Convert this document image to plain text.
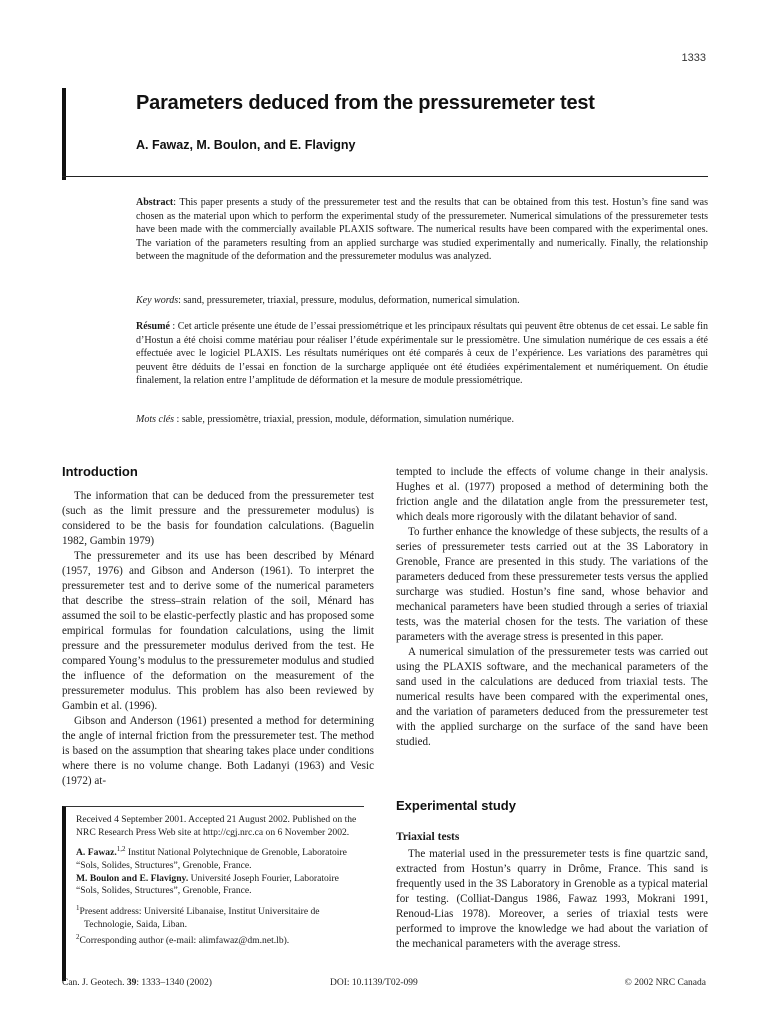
1333
Parameters deduced from the pressuremeter test
A. Fawaz, M. Boulon, and E. Flavigny

Abstract: This paper presents a study of the pressuremeter test and the results that can be obtained from this test. Hostun’s fine sand was chosen as the material upon which to perform the experimental study of the pressuremeter. Numerical simulations of the pressuremeter tests have been made with the commercially available PLAXIS software. The numerical results have been compared with the experimental ones. The variation of the parameters resulting from an applied surcharge was studied experimentally and numerically. Finally, the relationship between the magnitude of the deformation and the pressuremeter modulus was analyzed.

Key words: sand, pressuremeter, triaxial, pressure, modulus, deformation, numerical simulation.

Résumé : Cet article présente une étude de l’essai pressiométrique et les principaux résultats qui peuvent être obtenus de cet essai. Le sable fin d’Hostun a été choisi comme matériau pour réaliser l’étude expérimentale sur le pressiomètre. Une simulation numérique de ces essais a été effectuée avec le logiciel PLAXIS. Les résultats numériques ont été comparés à ceux de l’expérience. Les variations des paramètres qui peuvent être déduits de l’essai en fonction de la surcharge appliquée ont été étudiées expérimentalement et numériquement. On étudie finalement, la relation entre l’amplitude de déformation et la mesure de module pressiométrique.

Mots clés : sable, pressiomètre, triaxial, pression, module, déformation, simulation numérique.

Introduction

The information that can be deduced from the pressuremeter test (such as the limit pressure and the pressuremeter modulus) is considered to be the basis for foundation calculations. (Baguelin 1982, Gambin 1979)

The pressuremeter and its use has been described by Ménard (1957, 1976) and Gibson and Anderson (1961). To interpret the pressuremeter test and to derive some of the numerical parameters that describe the stress–strain relation of the soil, Ménard has assumed the soil to be elastic-perfectly plastic and has proposed some empirical formulas for foundation calculations, using the limit pressure and the pressuremeter modulus derived from the test. He compared Young’s modulus to the pressuremeter modulus and studied the influence of the deformation on the measurement of the pressuremeter modulus. This problem has also been reviewed by Gambin et al. (1996).

Gibson and Anderson (1961) presented a method for determining the angle of internal friction from the pressuremeter test. The method is based on the assumption that shearing takes place under conditions where there is no volume change. Both Ladanyi (1963) and Vesic (1972) at-

tempted to include the effects of volume change in their analysis. Hughes et al. (1977) proposed a method of determining both the friction angle and the dilatation angle from the pressuremeter test, which deals more rigorously with the dilatant behavior of sand.

To further enhance the knowledge of these subjects, the results of a series of pressuremeter tests carried out at the 3S Laboratory in Grenoble, France are presented in this study. The variations of the parameters deduced from these pressuremeter tests versus the applied surcharge was studied. Hostun’s fine sand, whose behavior and mechanical parameters have been studied through a series of triaxial tests, was the material chosen for the tests. The variation of these parameters with the average stress is presented in this paper.

A numerical simulation of the pressuremeter tests was carried out using the PLAXIS software, and the mechanical parameters of the sand used in the calculations are deduced from triaxial tests. The numerical results have been compared with the experimental ones, and the variation of parameters deduced from the pressuremeter test with the applied surcharge on the surface of the sand have been studied.

Experimental study
Triaxial tests

The material used in the pressuremeter tests is fine quartzic sand, extracted from Hostun’s quarry in Drôme, France. This sand is frequently used in the 3S Laboratory in Grenoble as a typical material for testing. (Colliat-Dangus 1986, Fawaz 1993, Mokrani 1991, Renoud-Lias 1978). Moreover, a series of triaxial tests were performed to improve the knowledge we had about the variation of the mechanical parameters with the average stress.

Received 4 September 2001. Accepted 21 August 2002. Published on the NRC Research Press Web site at http://cgj.nrc.ca on 6 November 2002.

A. Fawaz.$^{1,2}$ Institut National Polytechnique de Grenoble, Laboratoire “Sols, Solides, Structures”, Grenoble, France.
M. Boulon and E. Flavigny. Université Joseph Fourier, Laboratoire “Sols, Solides, Structures”, Grenoble, France.

$^1$Present address: Université Libanaise, Institut Universitaire de Technologie, Saida, Liban.

$^2$Corresponding author (e-mail: alimfawaz@dm.net.lb).

Can. J. Geotech. 39: 1333–1340 (2002)	DOI: 10.1139/T02-099	© 2002 NRC Canada
